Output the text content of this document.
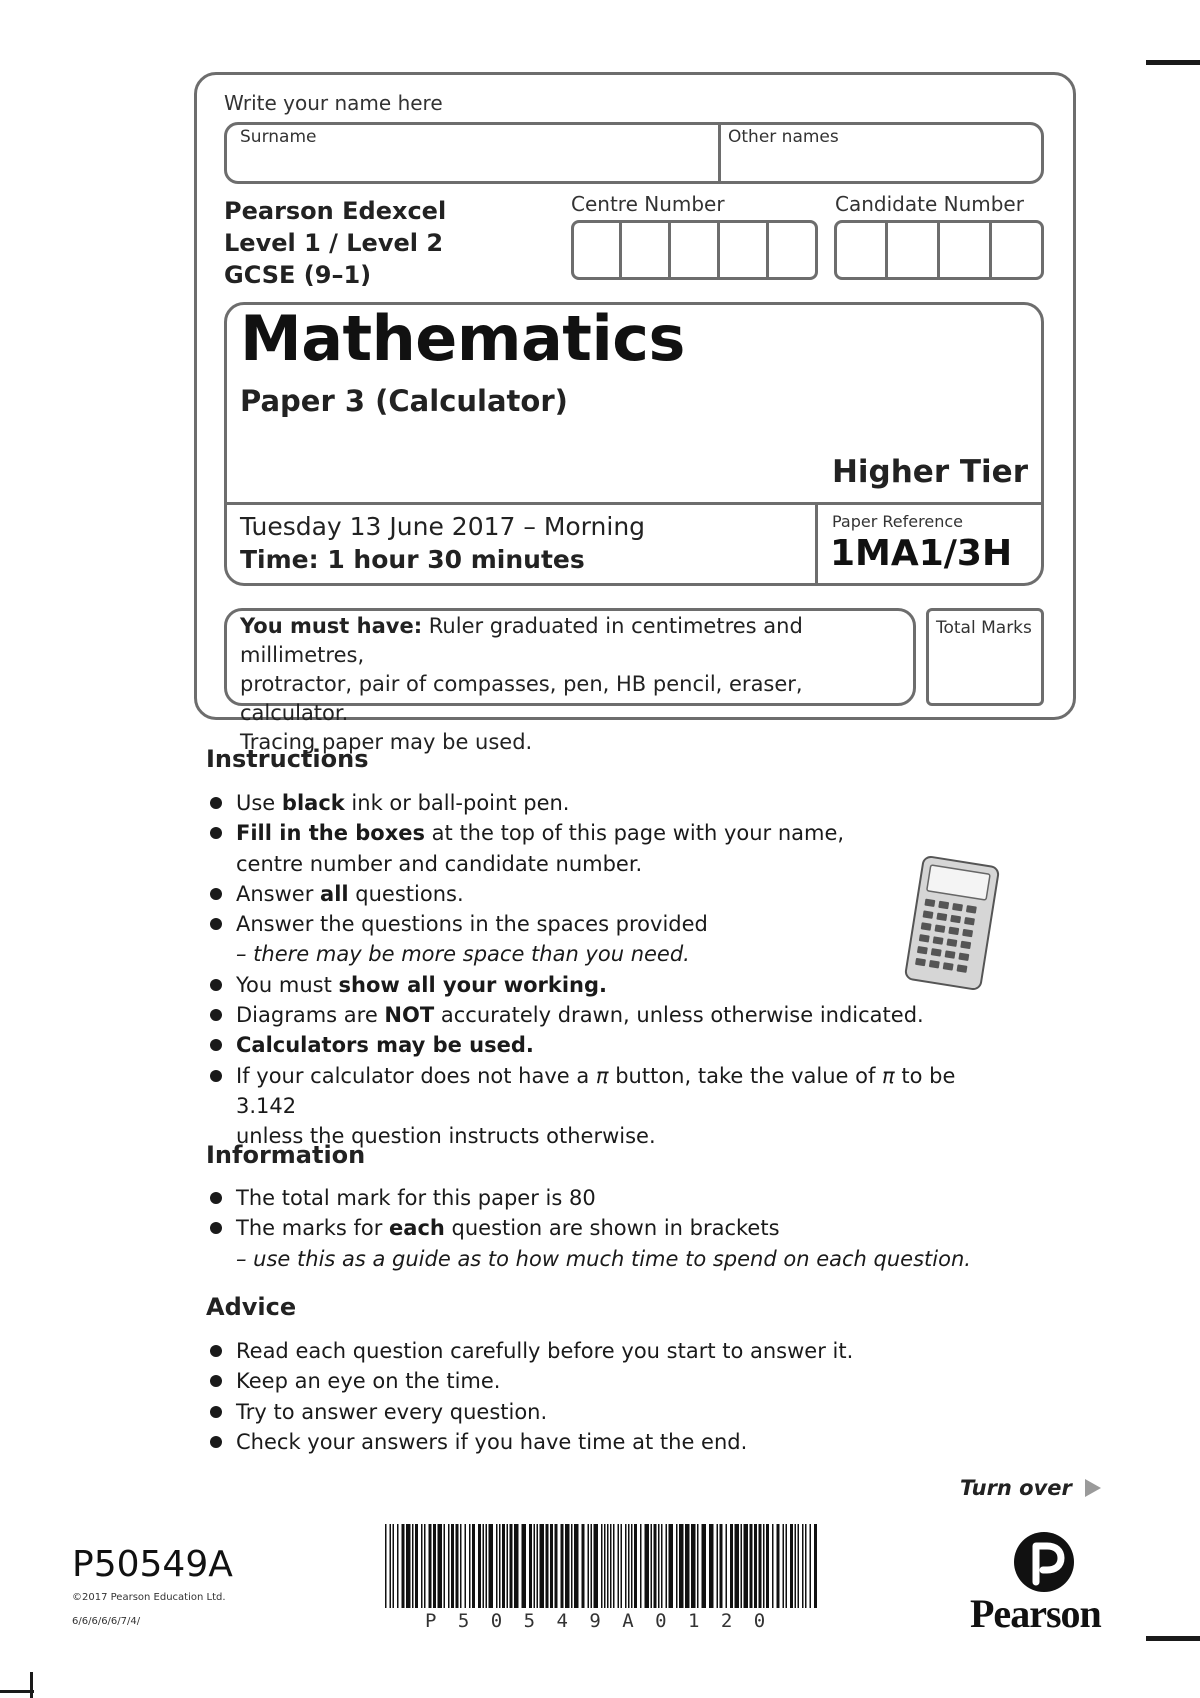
Write your name here
Surname	Other names
Pearson Edexcel
Level 1 / Level 2
GCSE (9–1)
Centre Number	Candidate Number
Mathematics
Paper 3 (Calculator)
Higher Tier
Tuesday 13 June 2017 – Morning
Time: 1 hour 30 minutes
Paper Reference
1MA1/3H
You must have: Ruler graduated in centimetres and millimetres,
protractor, pair of compasses, pen, HB pencil, eraser, calculator.
Tracing paper may be used.
Total Marks
Instructions
Use black ink or ball-point pen.
Fill in the boxes at the top of this page with your name,
centre number and candidate number.
Answer all questions.
Answer the questions in the spaces provided
– there may be more space than you need.
You must show all your working.
Diagrams are NOT accurately drawn, unless otherwise indicated.
Calculators may be used.
If your calculator does not have a π button, take the value of π to be 3.142
unless the question instructs otherwise.
Information
The total mark for this paper is 80
The marks for each question are shown in brackets
– use this as a guide as to how much time to spend on each question.
Advice
Read each question carefully before you start to answer it.
Keep an eye on the time.
Try to answer every question.
Check your answers if you have time at the end.
Turn over
P50549A
©2017 Pearson Education Ltd.
6/6/6/6/6/7/4/	P 5 0 5 4 9 A 0 1 2 0	Pearson
